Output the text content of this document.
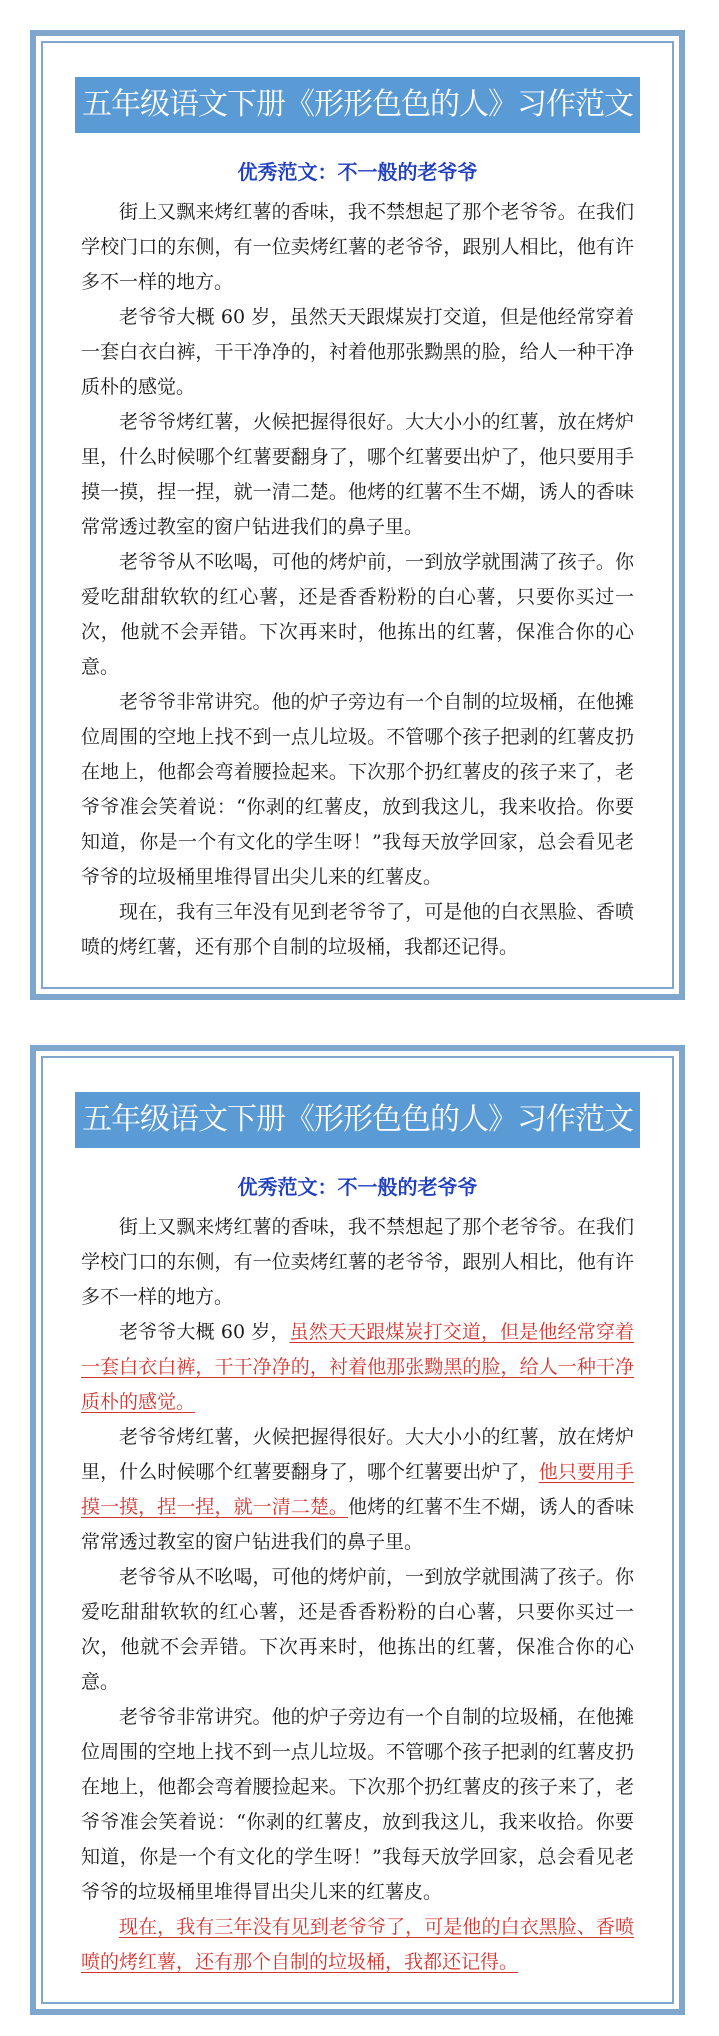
五年级语文下册《形形色色的人》习作范文
优秀范文：不一般的老爷爷

街上又飘来烤红薯的香味，我不禁想起了那个老爷爷。在我们学校门口的东侧，有一位卖烤红薯的老爷爷，跟别人相比，他有许多不一样的地方。

老爷爷大概 60 岁，虽然天天跟煤炭打交道，但是他经常穿着一套白衣白裤，干干净净的，衬着他那张黝黑的脸，给人一种干净质朴的感觉。

老爷爷烤红薯，火候把握得很好。大大小小的红薯，放在烤炉里，什么时候哪个红薯要翻身了，哪个红薯要出炉了，他只要用手摸一摸，捏一捏，就一清二楚。他烤的红薯不生不煳，诱人的香味常常透过教室的窗户钻进我们的鼻子里。

老爷爷从不吆喝，可他的烤炉前，一到放学就围满了孩子。你爱吃甜甜软软的红心薯，还是香香粉粉的白心薯，只要你买过一次，他就不会弄错。下次再来时，他拣出的红薯，保准合你的心意。

老爷爷非常讲究。他的炉子旁边有一个自制的垃圾桶，在他摊位周围的空地上找不到一点儿垃圾。不管哪个孩子把剥的红薯皮扔在地上，他都会弯着腰捡起来。下次那个扔红薯皮的孩子来了，老爷爷准会笑着说：“你剥的红薯皮，放到我这儿，我来收拾。你要知道，你是一个有文化的学生呀！”我每天放学回家，总会看见老爷爷的垃圾桶里堆得冒出尖儿来的红薯皮。

现在，我有三年没有见到老爷爷了，可是他的白衣黑脸、香喷喷的烤红薯，还有那个自制的垃圾桶，我都还记得。

五年级语文下册《形形色色的人》习作范文
优秀范文：不一般的老爷爷

街上又飘来烤红薯的香味，我不禁想起了那个老爷爷。在我们学校门口的东侧，有一位卖烤红薯的老爷爷，跟别人相比，他有许多不一样的地方。

老爷爷大概 60 岁，虽然天天跟煤炭打交道，但是他经常穿着一套白衣白裤，干干净净的，衬着他那张黝黑的脸，给人一种干净质朴的感觉。

老爷爷烤红薯，火候把握得很好。大大小小的红薯，放在烤炉里，什么时候哪个红薯要翻身了，哪个红薯要出炉了，他只要用手摸一摸，捏一捏，就一清二楚。他烤的红薯不生不煳，诱人的香味常常透过教室的窗户钻进我们的鼻子里。

老爷爷从不吆喝，可他的烤炉前，一到放学就围满了孩子。你爱吃甜甜软软的红心薯，还是香香粉粉的白心薯，只要你买过一次，他就不会弄错。下次再来时，他拣出的红薯，保准合你的心意。

老爷爷非常讲究。他的炉子旁边有一个自制的垃圾桶，在他摊位周围的空地上找不到一点儿垃圾。不管哪个孩子把剥的红薯皮扔在地上，他都会弯着腰捡起来。下次那个扔红薯皮的孩子来了，老爷爷准会笑着说：“你剥的红薯皮，放到我这儿，我来收拾。你要知道，你是一个有文化的学生呀！”我每天放学回家，总会看见老爷爷的垃圾桶里堆得冒出尖儿来的红薯皮。

现在，我有三年没有见到老爷爷了，可是他的白衣黑脸、香喷喷的烤红薯，还有那个自制的垃圾桶，我都还记得。
